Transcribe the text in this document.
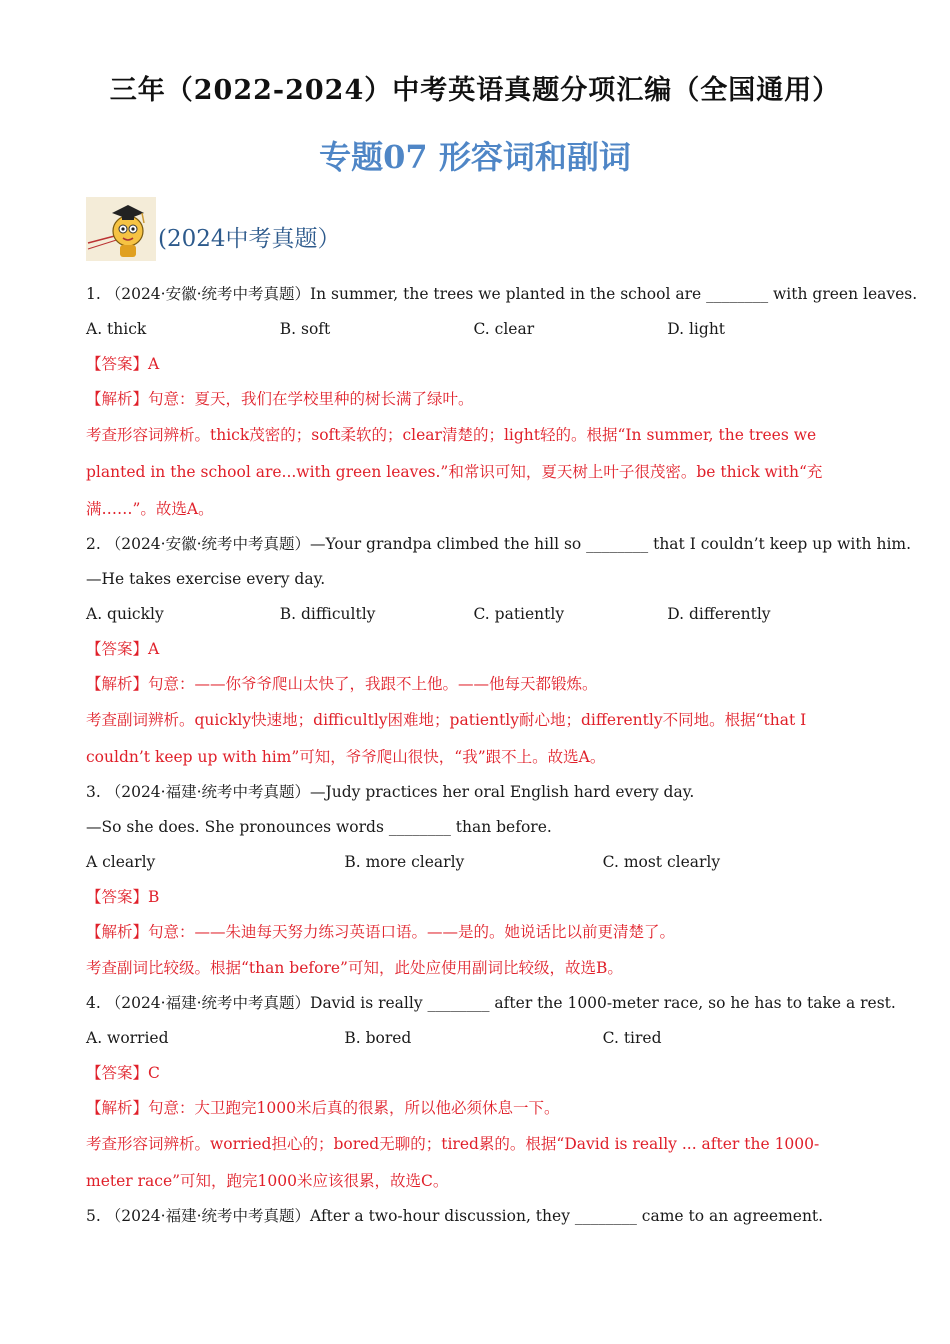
三年（2022-2024）中考英语真题分项汇编（全国通用）
专题07 形容词和副词
(2024中考真题）
1. （2024·安徽·统考中考真题）In summer, the trees we planted in the school are ________ with green leaves.
A. thick	B. soft	C. clear	D. light
【答案】A
【解析】句意：夏天，我们在学校里种的树长满了绿叶。
考查形容词辨析。thick茂密的；soft柔软的；clear清楚的；light轻的。根据“In summer, the trees we planted in the school are...with green leaves.”和常识可知，夏天树上叶子很茂密。be thick with“充满……”。故选A。
2. （2024·安徽·统考中考真题）—Your grandpa climbed the hill so ________ that I couldn’t keep up with him.
—He takes exercise every day.
A. quickly	B. difficultly	C. patiently	D. differently
【答案】A
【解析】句意：——你爷爷爬山太快了，我跟不上他。——他每天都锻炼。
考查副词辨析。quickly快速地；difficultly困难地；patiently耐心地；differently不同地。根据“that I couldn’t keep up with him”可知，爷爷爬山很快，“我”跟不上。故选A。
3. （2024·福建·统考中考真题）—Judy practices her oral English hard every day.
—So she does. She pronounces words ________ than before.
A clearly	B. more clearly	C. most clearly
【答案】B
【解析】句意：——朱迪每天努力练习英语口语。——是的。她说话比以前更清楚了。
考查副词比较级。根据“than before”可知，此处应使用副词比较级，故选B。
4. （2024·福建·统考中考真题）David is really ________ after the 1000-meter race, so he has to take a rest.
A. worried	B. bored	C. tired
【答案】C
【解析】句意：大卫跑完1000米后真的很累，所以他必须休息一下。
考查形容词辨析。worried担心的；bored无聊的；tired累的。根据“David is really ... after the 1000-meter race”可知，跑完1000米应该很累，故选C。
5. （2024·福建·统考中考真题）After a two-hour discussion, they ________ came to an agreement.
